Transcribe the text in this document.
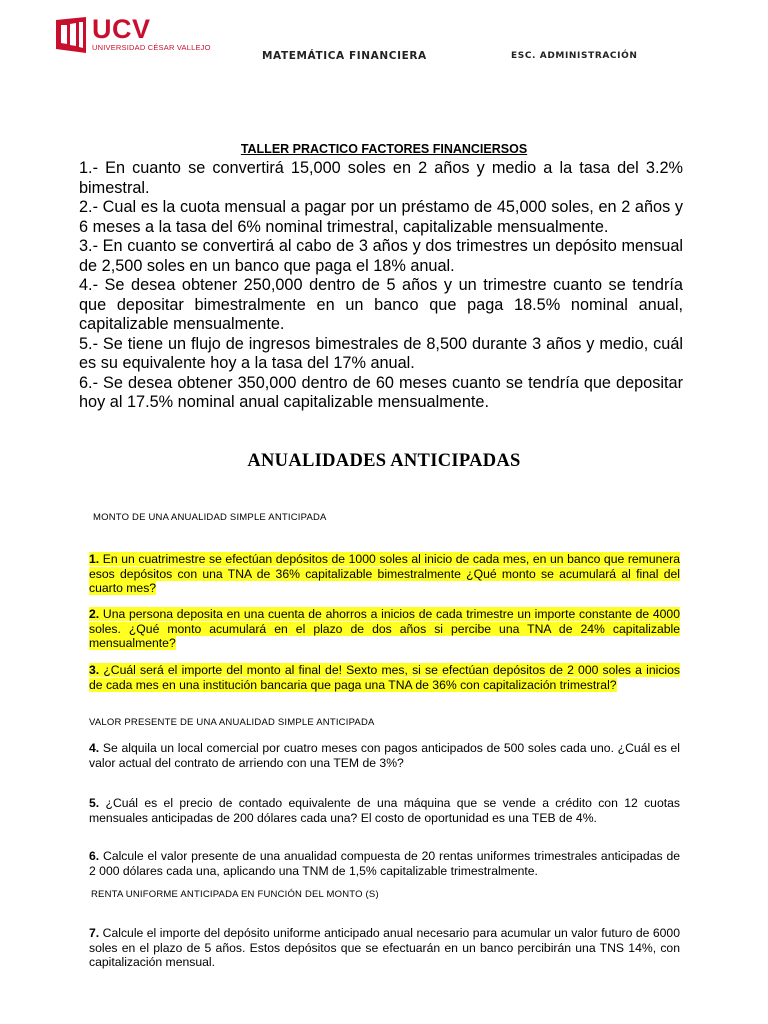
UCV
UNIVERSIDAD CÉSAR VALLEJO
MATEMÁTICA FINANCIERA	ESC. ADMINISTRACIÓN
TALLER PRACTICO FACTORES FINANCIERSOS
1.- En cuanto se convertirá 15,000 soles en 2 años y medio a la tasa del 3.2% bimestral.
2.- Cual es la cuota mensual a pagar por un préstamo de 45,000 soles, en 2 años y 6 meses a la tasa del 6% nominal trimestral, capitalizable mensualmente.
3.- En cuanto se convertirá al cabo de 3 años y dos trimestres un depósito mensual de 2,500 soles en un banco que paga el 18% anual.
4.- Se desea obtener 250,000 dentro de 5 años y un trimestre cuanto se tendría que depositar bimestralmente en un banco que paga 18.5% nominal anual, capitalizable mensualmente.
5.- Se tiene un flujo de ingresos bimestrales de 8,500 durante 3 años y medio, cuál es su equivalente hoy a la tasa del 17% anual.
6.- Se desea obtener 350,000 dentro de 60 meses cuanto se tendría que depositar hoy al 17.5% nominal anual capitalizable mensualmente.
ANUALIDADES ANTICIPADAS
MONTO DE UNA ANUALIDAD SIMPLE ANTICIPADA
1. En un cuatrimestre se efectúan depósitos de 1000 soles al inicio de cada mes, en un banco que remunera esos depósitos con una TNA de 36% capitalizable bimestralmente ¿Qué monto se acumulará al final del cuarto mes?
2. Una persona deposita en una cuenta de ahorros a inicios de cada trimestre un importe constante de 4000 soles. ¿Qué monto acumulará en el plazo de dos años si percibe una TNA de 24% capitalizable mensualmente?
3. ¿Cuál será el importe del monto al final de! Sexto mes, si se efectúan depósitos de 2 000 soles a inicios de cada mes en una institución bancaria que paga una TNA de 36% con capitalización trimestral?
VALOR PRESENTE DE UNA ANUALIDAD SIMPLE ANTICIPADA
4. Se alquila un local comercial por cuatro meses con pagos anticipados de 500 soles cada uno. ¿Cuál es el valor actual del contrato de arriendo con una TEM de 3%?
5. ¿Cuál es el precio de contado equivalente de una máquina que se vende a crédito con 12 cuotas mensuales anticipadas de 200 dólares cada una? El costo de oportunidad es una TEB de 4%.
6. Calcule el valor presente de una anualidad compuesta de 20 rentas uniformes trimestrales anticipadas de 2 000 dólares cada una, aplicando una TNM de 1,5% capitalizable trimestralmente.
RENTA UNIFORME ANTICIPADA EN FUNCIÓN DEL MONTO (S)
7. Calcule el importe del depósito uniforme anticipado anual necesario para acumular un valor futuro de 6000 soles en el plazo de 5 años. Estos depósitos que se efectuarán en un banco percibirán una TNS 14%, con capitalización mensual.
